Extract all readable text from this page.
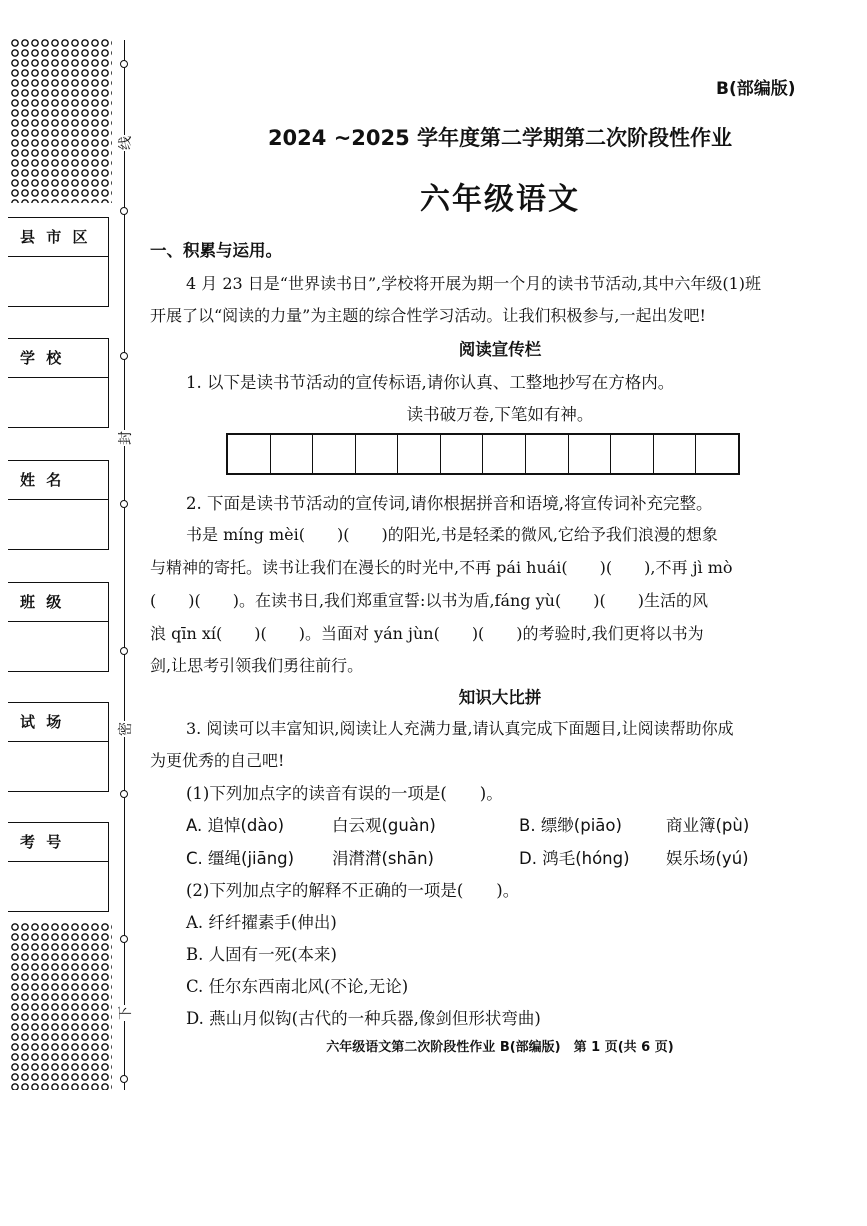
线
封
密
下
县 市 区
学 校
姓 名
班 级
试 场
考 号
B(部编版)
2024 ~2025 学年度第二学期第二次阶段性作业
六年级语文
一、积累与运用。
4 月 23 日是“世界读书日”,学校将开展为期一个月的读书节活动,其中六年级(1)班
开展了以“阅读的力量”为主题的综合性学习活动。让我们积极参与,一起出发吧!
阅读宣传栏
1. 以下是读书节活动的宣传标语,请你认真、工整地抄写在方格内。
读书破万卷,下笔如有神。
2. 下面是读书节活动的宣传词,请你根据拼音和语境,将宣传词补充完整。
书是 míng mèi(　　)(　　)的阳光,书是轻柔的微风,它给予我们浪漫的想象
与精神的寄托。读书让我们在漫长的时光中,不再 pái huái(　　)(　　),不再 jì mò
(　　)(　　)。在读书日,我们郑重宣誓:以书为盾,fáng yù(　　)(　　)生活的风
浪 qīn xí(　　)(　　)。当面对 yán jùn(　　)(　　)的考验时,我们更将以书为
剑,让思考引领我们勇往前行。
知识大比拼
3. 阅读可以丰富知识,阅读让人充满力量,请认真完成下面题目,让阅读帮助你成
为更优秀的自己吧!
(1)下列加点字的读音有误的一项是(　　)。
A. 追悼(dào)	白云观(guàn)	B. 缥缈(piāo)	商业簿(pù)
C. 缰绳(jiāng) 涓潸潸(shān)	D. 鸿毛(hóng) 娱乐场(yú)
(2)下列加点字的解释不正确的一项是(　　)。
A. 纤纤擢素手(伸出)
B. 人固有一死(本来)
C. 任尔东西南北风(不论,无论)
D. 燕山月似钩(古代的一种兵器,像剑但形状弯曲)
六年级语文第二次阶段性作业 B(部编版)　第 1 页(共 6 页)
